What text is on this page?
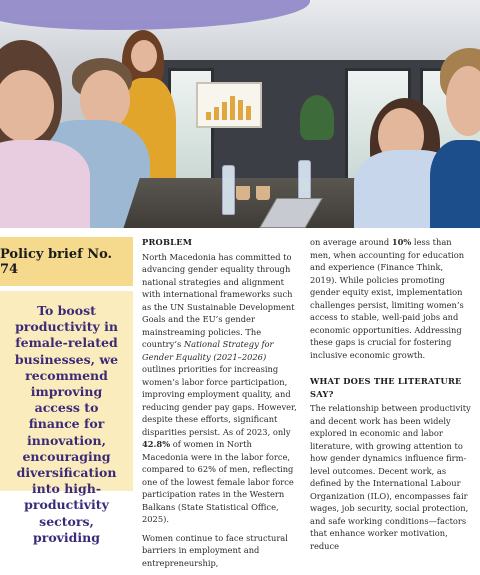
Policy brief No. 74
To boost productivity in female-related businesses, we recommend improving access to finance for innovation, encouraging diversification into high-productivity sectors, providing
PROBLEM

North Macedonia has committed to advancing gender equality through national strategies and alignment with international frameworks such as the UN Sustainable Development Goals and the EU’s gender mainstreaming policies. The country’s National Strategy for Gender Equality (2021–2026) outlines priorities for increasing women’s labor force participation, improving employment quality, and reducing gender pay gaps. However, despite these efforts, significant disparities persist. As of 2023, only 42.8% of women in North Macedonia were in the labor force, compared to 62% of men, reflecting one of the lowest female labor force participation rates in the Western Balkans (State Statistical Office, 2025).

Women continue to face structural barriers in employment and entrepreneurship,

on average around 10% less than men, when accounting for education and experience (Finance Think, 2019). While policies promoting gender equity exist, implementation challenges persist, limiting women’s access to stable, well-paid jobs and economic opportunities. Addressing these gaps is crucial for fostering inclusive economic growth.

WHAT DOES THE LITERATURE SAY?

The relationship between productivity and decent work has been widely explored in economic and labor literature, with growing attention to how gender dynamics influence firm-level outcomes. Decent work, as defined by the International Labour Organization (ILO), encompasses fair wages, job security, social protection, and safe working conditions—factors that enhance worker motivation, reduce
